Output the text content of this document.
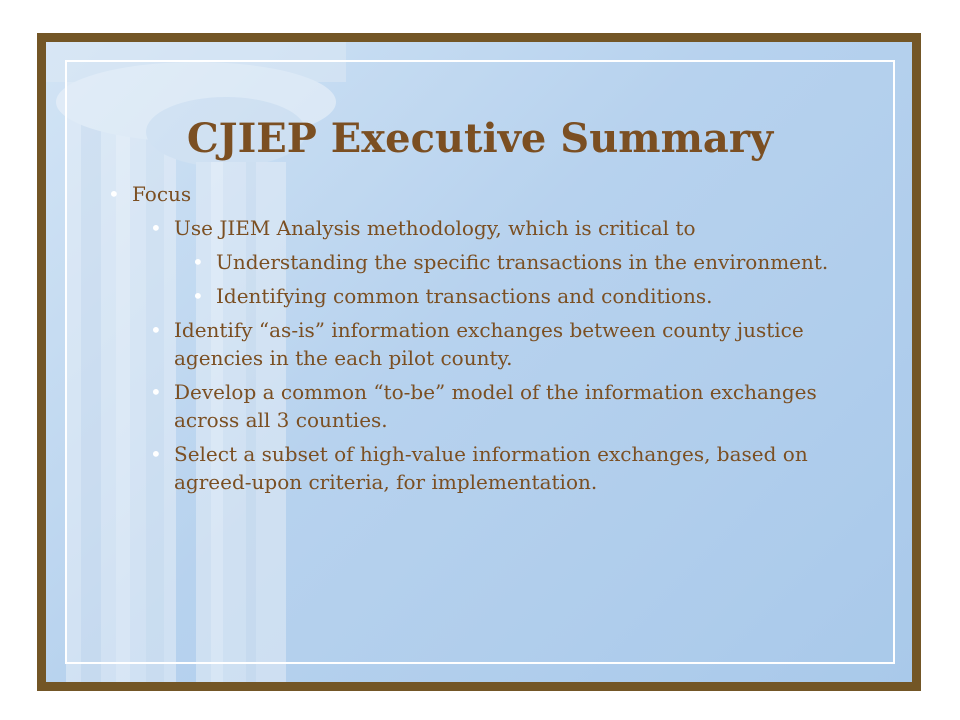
CJIEP Executive Summary
• Focus
• Use JIEM Analysis methodology, which is critical to
• Understanding the specific transactions in the environment.
• Identifying common transactions and conditions.
• Identify “as-is” information exchanges between county justice agencies in the each pilot county.
• Develop a common “to-be” model of the information exchanges across all 3 counties.
• Select a subset of high-value information exchanges, based on agreed-upon criteria, for implementation.
